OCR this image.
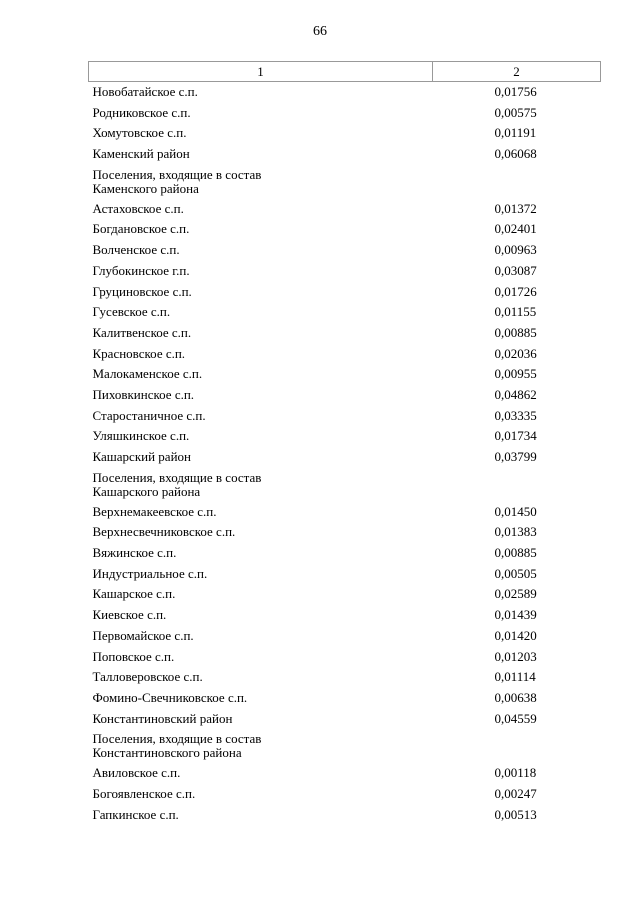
66
1	2
Новобатайское с.п.	0,01756
Родниковское с.п.	0,00575
Хомутовское с.п.	0,01191
Каменский район	0,06068
Поселения, входящие в состав
Каменского района	
Астаховское с.п.	0,01372
Богдановское с.п.	0,02401
Волченское с.п.	0,00963
Глубокинское г.п.	0,03087
Груциновское с.п.	0,01726
Гусевское с.п.	0,01155
Калитвенское с.п.	0,00885
Красновское с.п.	0,02036
Малокаменское с.п.	0,00955
Пиховкинское с.п.	0,04862
Старостаничное с.п.	0,03335
Уляшкинское с.п.	0,01734
Кашарский район	0,03799
Поселения, входящие в состав
Кашарского района	
Верхнемакеевское с.п.	0,01450
Верхнесвечниковское с.п.	0,01383
Вяжинское с.п.	0,00885
Индустриальное с.п.	0,00505
Кашарское с.п.	0,02589
Киевское с.п.	0,01439
Первомайское с.п.	0,01420
Поповское с.п.	0,01203
Талловеровское с.п.	0,01114
Фомино-Свечниковское с.п.	0,00638
Константиновский район	0,04559
Поселения, входящие в состав
Константиновского района	
Авиловское с.п.	0,00118
Богоявленское с.п.	0,00247
Гапкинское с.п.	0,00513
